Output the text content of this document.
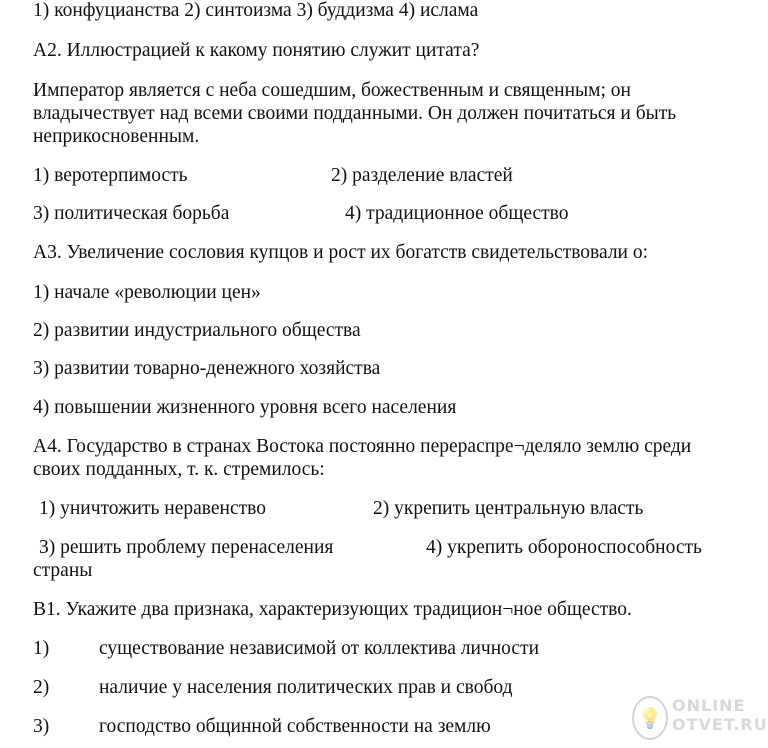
1) конфуцианства 2) синтоизма 3) буддизма 4) ислама
А2. Иллюстрацией к какому понятию служит цитата?
Император является с неба сошедшим, божественным и священным; он
владычествует над всеми своими подданными. Он должен почитаться и быть
неприкосновенным.
1) веротерпимость	2) разделение властей
3) политическая борьба	4) традиционное общество
А3. Увеличение сословия купцов и рост их богатств свидетельствовали о:
1) начале «революции цен»
2) развитии индустриального общества
3) развитии товарно-денежного хозяйства
4) повышении жизненного уровня всего населения
А4. Государство в странах Востока постоянно перераспре¬деляло землю среди
своих подданных, т. к. стремилось:
1) уничтожить неравенство	2) укрепить центральную власть
3) решить проблему перенаселения	4) укрепить обороноспособность
страны
В1. Укажите два признака, характеризующих традицион¬ное общество.
1)	существование независимой от коллектива личности
2)	наличие у населения политических прав и свобод
3)	господство общинной собственности на землю	💡
ONLINE
OTVET.RU
